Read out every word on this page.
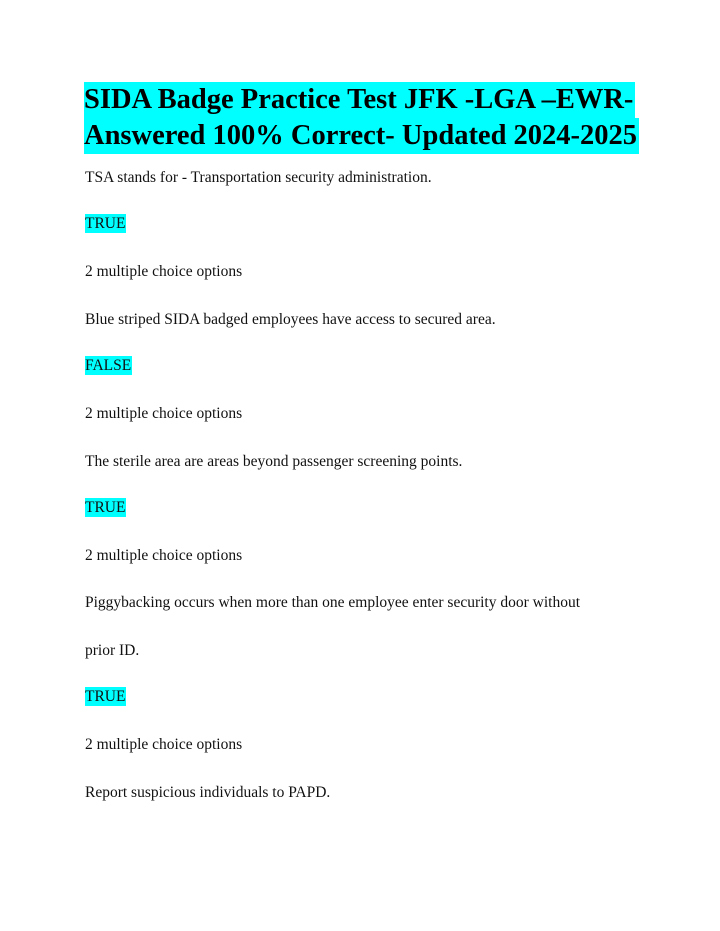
SIDA Badge Practice Test JFK -LGA –EWR-
Answered 100% Correct- Updated 2024-2025

TSA stands for - Transportation security administration.

TRUE

2 multiple choice options

Blue striped SIDA badged employees have access to secured area.

FALSE

2 multiple choice options

The sterile area are areas beyond passenger screening points.

TRUE

2 multiple choice options

Piggybacking occurs when more than one employee enter security door without

prior ID.

TRUE

2 multiple choice options

Report suspicious individuals to PAPD.
